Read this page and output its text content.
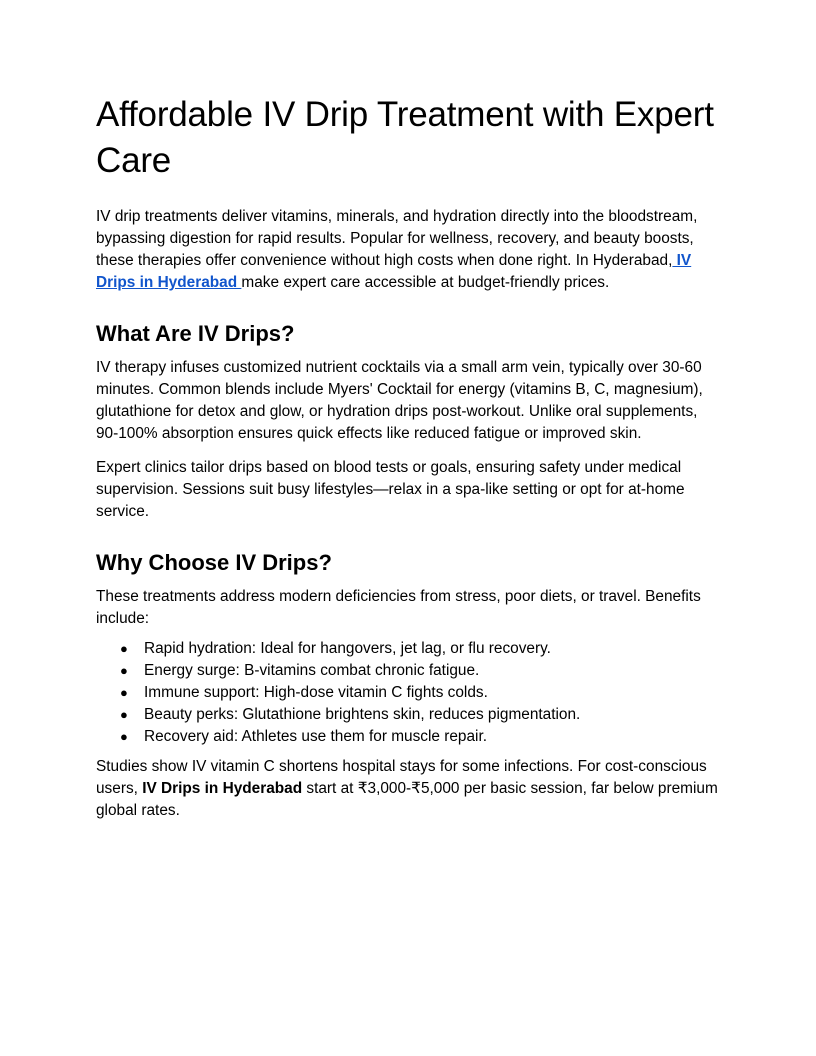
Affordable IV Drip Treatment with Expert Care

IV drip treatments deliver vitamins, minerals, and hydration directly into the bloodstream, bypassing digestion for rapid results. Popular for wellness, recovery, and beauty boosts, these therapies offer convenience without high costs when done right. In Hyderabad, IV Drips in Hyderabad make expert care accessible at budget-friendly prices.

What Are IV Drips?

IV therapy infuses customized nutrient cocktails via a small arm vein, typically over 30-60 minutes. Common blends include Myers' Cocktail for energy (vitamins B, C, magnesium), glutathione for detox and glow, or hydration drips post-workout. Unlike oral supplements, 90-100% absorption ensures quick effects like reduced fatigue or improved skin.

Expert clinics tailor drips based on blood tests or goals, ensuring safety under medical supervision. Sessions suit busy lifestyles—relax in a spa-like setting or opt for at-home service.

Why Choose IV Drips?

These treatments address modern deficiencies from stress, poor diets, or travel. Benefits include:

● Rapid hydration: Ideal for hangovers, jet lag, or flu recovery.
● Energy surge: B-vitamins combat chronic fatigue.
● Immune support: High-dose vitamin C fights colds.
● Beauty perks: Glutathione brightens skin, reduces pigmentation.
● Recovery aid: Athletes use them for muscle repair.

Studies show IV vitamin C shortens hospital stays for some infections. For cost-conscious users, IV Drips in Hyderabad start at ₹3,000-₹5,000 per basic session, far below premium global rates.
